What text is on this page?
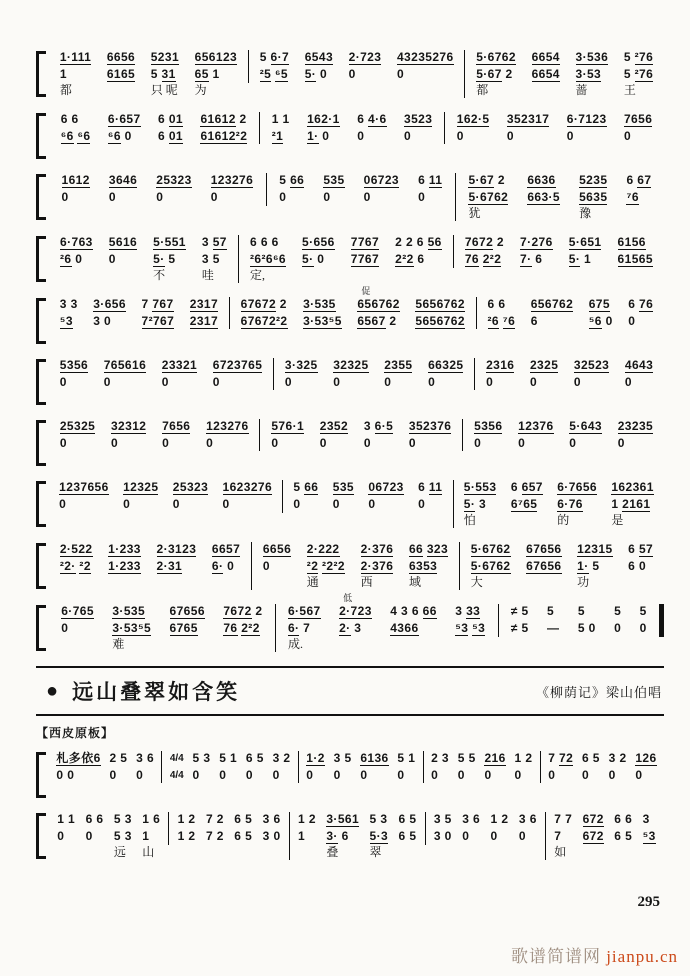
1·111
1
都
6656
6165
5231
5 31
只 呢
656123
65 1
为
5 6·7
²5 ⁶5
6543
5· 0
2·723
0
43235276
0
5·6762
5·67 2
都
6654
6654
3·536
3·53
蔷
5 ²76
5 ²76
王
6 6
⁶6 ⁶6
6·657
⁶6 0
6 01
6 01
61612 2
61612²2
1 1
²1
162·1
1· 0
6 4·6
0
3523
0
162·5
0
352317
0
6·7123
0
7656
0
1612
0
3646
0
25323
0
123276
0
5 66
0
535
0
06723
0
6 11
0
5·67 2
5·6762
犹
6636
663·5
5235
5635
豫
6 67
⁷6
6·763
²6 0
5616
0
5·551
5· 5
不
3 57
3 5
哇
6 6 6
²6²6⁶6
定,
5·656
5· 0
7767
7767
2 2 6 56
2²2 6
7672 2
76 2²2
7·276
7· 6
5·651
5· 1
6156
61565
3 3
⁵3
3·656
3 0
7 767
7²767
2317
2317
67672 2
67672²2
3·535
3·53⁵5
促
656762
6567 2
5656762
5656762
6 6
²6 ⁷6
656762
6
675
⁵6 0
6 76
0
5356
0
765616
0
23321
0
6723765
0
3·325
0
32325
0
2355
0
66325
0
2316
0
2325
0
32523
0
4643
0
25325
0
32312
0
7656
0
123276
0
576·1
0
2352
0
3 6·5
0
352376
0
5356
0
12376
0
5·643
0
23235
0
1237656
0
12325
0
25323
0
1623276
0
5 66
0
535
0
06723
0
6 11
0
5·553
5· 3
怕
6 657
6⁷65
6·7656
6·76
的
162361
1 2161
是
2·522
²2· ²2
1·233
1·233
2·3123
2·31
6657
6· 0
6656
0
2·222
²2 ²2²2
通
2·376
2·376
西
66 323
6353
域
5·6762
5·6762
大
67656
67656
12315
1· 5
功
6 57
6 0
6·765
0
3·535
3·53⁵5
难
67656
6765
7672 2
76 2²2
6·567
6· 7
成.
低
2·723
2· 3
4 3 6 66
4366
3 33
⁵3 ⁵3
≠ 5
≠ 5
5
—
5
5 0
5
0
5
0
● 远山叠翠如含笑	《柳荫记》梁山伯唱
【西皮原板】
札多依6
0 0
2 5
0
3 6
0
4/4
4/4
5 3
0
5 1
0
6 5
0
3 2
0
1·2
0
3 5
0
6136
0
5 1
0
2 3
0
5 5
0
216
0
1 2
0
7 72
0
6 5
0
3 2
0
126
0
1 1
0
6 6
0
5 3
5 3
远
1 6
1
山
1 2
1 2
7 2
7 2
6 5
6 5
3 6
3 0
1 2
1
3·561
3· 6
叠
5 3
5·3
翠
6 5
6 5
3 5
3 0
3 6
0
1 2
0
3 6
0
7 7
7
如
672
672
6 6
6 5
3
⁵3
295
歌谱简谱网 jianpu.cn
